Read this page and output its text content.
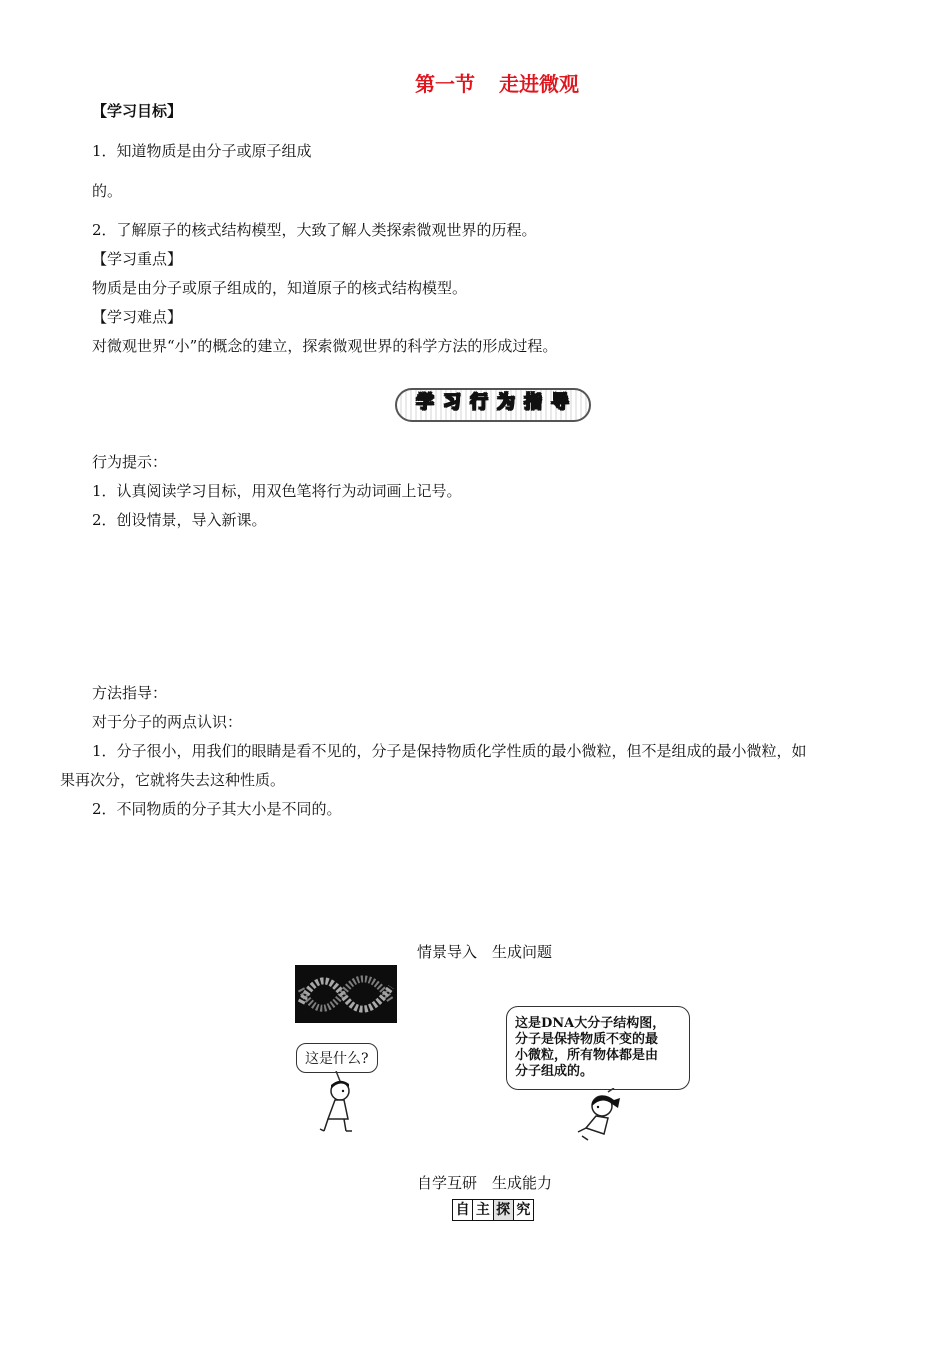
第一节 走进微观
【学习目标】
1．知道物质是由分子或原子组成
的。
2．了解原子的核式结构模型，大致了解人类探索微观世界的历程。
【学习重点】
物质是由分子或原子组成的，知道原子的核式结构模型。
【学习难点】
对微观世界“小”的概念的建立，探索微观世界的科学方法的形成过程。
学 习 行 为 指 导
行为提示：
1．认真阅读学习目标，用双色笔将行为动词画上记号。
2．创设情景，导入新课。
方法指导：
对于分子的两点认识：
1．分子很小，用我们的眼睛是看不见的，分子是保持物质化学性质的最小微粒，但不是组成的最小微粒，如
果再次分，它就将失去这种性质。
2．不同物质的分子其大小是不同的。
情景导入　生成问题
这是什么?
这是DNA大分子结构图，
分子是保持物质不变的最
小微粒，所有物体都是由
分子组成的。
自学互研　生成能力
自 主 探 究
